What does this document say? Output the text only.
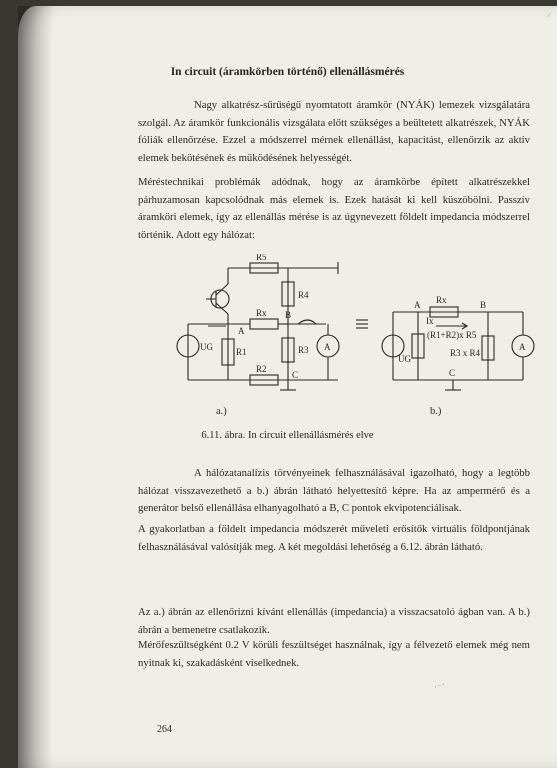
⸝
In circuit (áramkörben történő) ellenállásmérés
Nagy alkatrész-sűrűségű nyomtatott áramkör (NYÁK) lemezek vizsgálatára szolgál. Az áramkör funkcionális vizsgálata előtt szükséges a beültetett alkatrészek, NYÁK fóliák ellenőrzése. Ezzel a módszerrel mérnek ellenállást, kapacitást, ellenőrzik az aktív elemek bekötésének és működésének helyességét.
Méréstechnikai problémák adódnak, hogy az áramkörbe épített alkatrészekkel párhuzamosan kapcsolódnak más elemek is. Ezek hatását ki kell küszöbölni. Passzív áramköri elemek, így az ellenállás mérése is az úgynevezett földelt impedancia módszerrel történik. Adott egy hálózat:
R5
R4
Rx
R1
R2
R3
UG
A
B
C
A
Rx
A	B
Ix
(R1+R2)x R5
R3 x R4
UG
C
A
a.)	b.)
6.11. ábra. In circuit ellenállásmérés elve
A hálózatanalízis törvényeinek felhasználásával igazolható, hogy a legtöbb hálózat visszavezethető a b.) ábrán látható helyettesítő képre. Ha az ampermérő és a generátor belső ellenállása elhanyagolható a B, C pontok ekvipotenciálisak.
A gyakorlatban a földelt impedancia módszerét műveleti erősítők virtuális földpontjának felhasználásával valósítják meg. A két megoldási lehetőség a 6.12. ábrán látható.
Az a.) ábrán az ellenőrizni kívánt ellenállás (impedancia) a visszacsatoló ágban van. A b.) ábrán a bemenetre csatlakozik.
Mérőfeszültségként 0.2 V körüli feszültséget használnak, így a félvezető elemek még nem nyitnak ki, szakadásként viselkednek.
·⁻ˊ
264
